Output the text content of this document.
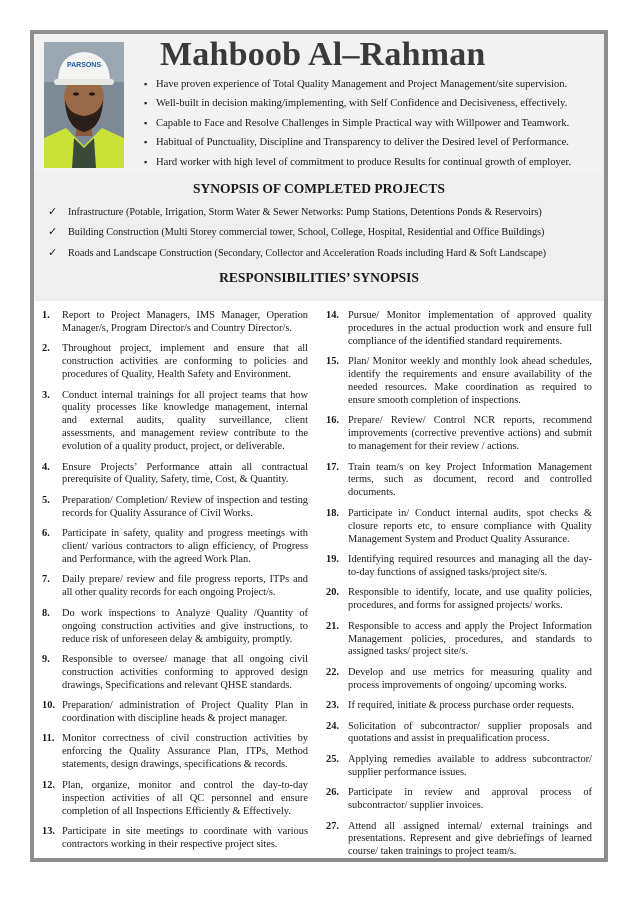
PARSONS Mahboob Al–Rahman
▪ Have proven experience of Total Quality Management and Project Management/site supervision.
▪ Well-built in decision making/implementing, with Self Confidence and Decisiveness, effectively.
▪ Capable to Face and Resolve Challenges in Simple Practical way with Willpower and Teamwork.
▪ Habitual of Punctuality, Discipline and Transparency to deliver the Desired level of Performance.
▪ Hard worker with high level of commitment to produce Results for continual growth of employer.
SYNOPSIS OF COMPLETED PROJECTS
✓ Infrastructure (Potable, Irrigation, Storm Water & Sewer Networks: Pump Stations, Detentions Ponds & Reservoirs)
✓ Building Construction (Multi Storey commercial tower, School, College, Hospital, Residential and Office Buildings)
✓ Roads and Landscape Construction (Secondary, Collector and Acceleration Roads including Hard & Soft Landscape)
RESPONSIBILITIES’ SYNOPSIS
1. Report to Project Managers, IMS Manager, Operation Manager/s, Program Director/s and Country Director/s.
2. Throughout project, implement and ensure that all construction activities are conforming to policies and procedures of Quality, Health Safety and Environment.
3. Conduct internal trainings for all project teams that how quality processes like knowledge management, internal and external audits, quality surveillance, client assessments, and management review contribute to the evolution of a quality product, project, or deliverable.
4. Ensure Projects’ Performance attain all contractual prerequisite of Quality, Safety, time, Cost, & Quantity.
5. Preparation/ Completion/ Review of inspection and testing records for Quality Assurance of Civil Works.
6. Participate in safety, quality and progress meetings with client/ various contractors to align efficiency, of Progress and Performance, with the agreed Work Plan.
7. Daily prepare/ review and file progress reports, ITPs and all other quality records for each ongoing Project/s.
8. Do work inspections to Analyze Quality /Quantity of ongoing construction activities and give instructions, to reduce risk of unforeseen delay & ambiguity, promptly.
9. Responsible to oversee/ manage that all ongoing civil construction activities conforming to approved design drawings, Specifications and relevant QHSE standards.
10. Preparation/ administration of Project Quality Plan in coordination with discipline heads & project manager.
11. Monitor correctness of civil construction activities by enforcing the Quality Assurance Plan, ITPs, Method statements, design drawings, specifications & records.
12. Plan, organize, monitor and control the day-to-day inspection activities of all QC personnel and ensure completion of all Inspections Efficiently & Effectively.
13. Participate in site meetings to coordinate with various contractors working in their respective project sites.
14. Pursue/ Monitor implementation of approved quality procedures in the actual production work and ensure full compliance of the identified standard requirements.
15. Plan/ Monitor weekly and monthly look ahead schedules, identify the requirements and ensure availability of the needed resources. Make coordination as required to ensure smooth completion of inspections.
16. Prepare/ Review/ Control NCR reports, recommend improvements (corrective preventive actions) and submit to management for their review / actions.
17. Train team/s on key Project Information Management terms, such as document, record and controlled documents.
18. Participate in/ Conduct internal audits, spot checks & closure reports etc, to ensure compliance with Quality Management System and Product Quality Assurance.
19. Identifying required resources and managing all the day-to-day functions of assigned tasks/project site/s.
20. Responsible to identify, locate, and use quality policies, procedures, and forms for assigned projects/ works.
21. Responsible to access and apply the Project Information Management policies, procedures, and standards to assigned tasks/ project site/s.
22. Develop and use metrics for measuring quality and process improvements of ongoing/ upcoming works.
23. If required, initiate & process purchase order requests.
24. Solicitation of subcontractor/ supplier proposals and quotations and assist in prequalification process.
25. Applying remedies available to address subcontractor/ supplier performance issues.
26. Participate in review and approval process of subcontractor/ supplier invoices.
27. Attend all assigned internal/ external trainings and presentations. Represent and give debriefings of learned course/ taken trainings to project team/s.
